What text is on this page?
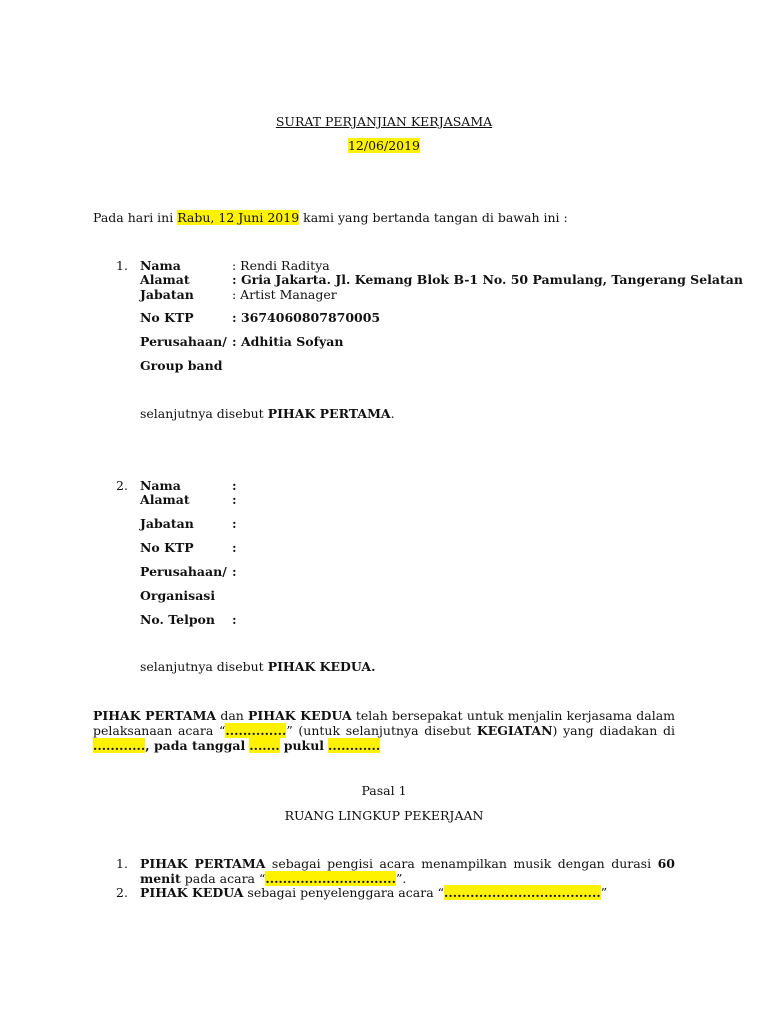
SURAT PERJANJIAN KERJASAMA
12/06/2019
Pada hari ini Rabu, 12 Juni 2019 kami yang bertanda tangan di bawah ini :
1. Nama	: Rendi Raditya
Alamat	: Gria Jakarta. Jl. Kemang Blok B-1 No. 50 Pamulang, Tangerang Selatan
Jabatan	: Artist Manager
No KTP	: 3674060807870005
Perusahaan/ : Adhitia Sofyan
Group band
selanjutnya disebut PIHAK PERTAMA.
2. Nama	:
Alamat	:
Jabatan	:
No KTP	:
Perusahaan/ :
Organisasi
No. Telpon :
selanjutnya disebut PIHAK KEDUA.
PIHAK PERTAMA dan PIHAK KEDUA telah bersepakat untuk menjalin kerjasama dalam pelaksanaan acara “..............” (untuk selanjutnya disebut KEGIATAN) yang diadakan di ............, pada tanggal ....... pukul ............
Pasal 1
RUANG LINGKUP PEKERJAAN
1. PIHAK PERTAMA sebagai pengisi acara menampilkan musik dengan durasi 60 menit pada acara “..............................”.
2. PIHAK KEDUA sebagai penyelenggara acara “....................................”
